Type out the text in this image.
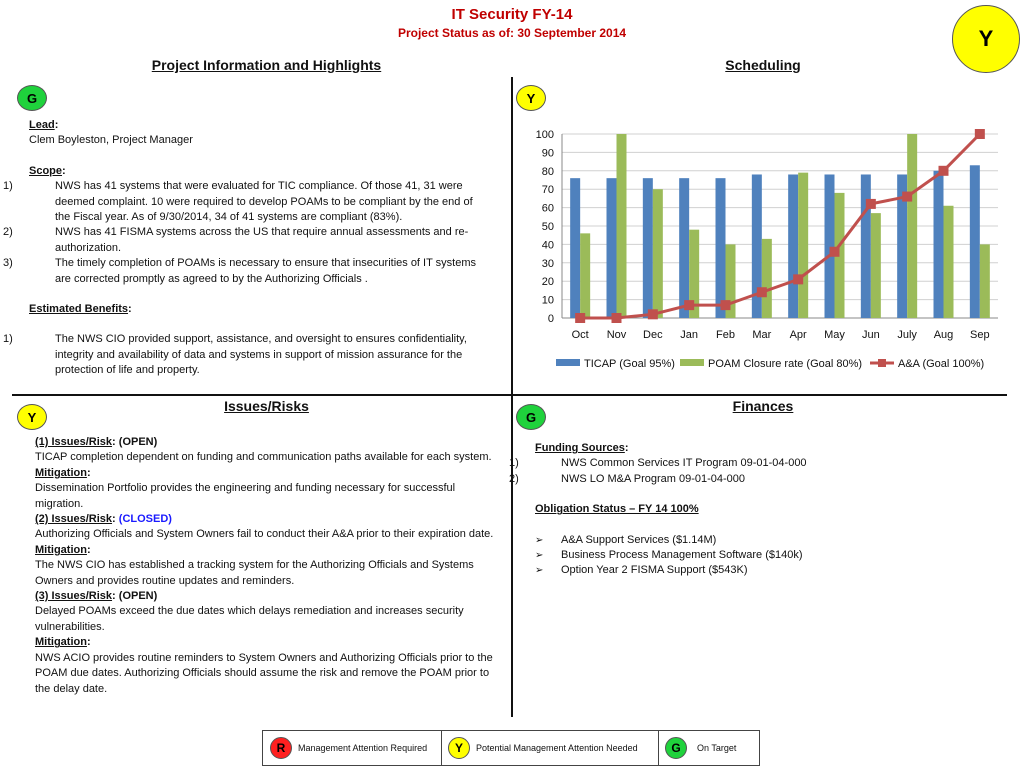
IT Security FY-14
Project Status as of: 30 September 2014	Y
Project Information and Highlights	Scheduling
G	Y
Y	G
Lead:
Clem Boyleston, Project Manager
Scope:
1)	NWS has 41 systems that were evaluated for TIC compliance. Of those 41, 31 were deemed complaint. 10 were required to develop POAMs to be compliant by the end of the Fiscal year. As of 9/30/2014, 34 of 41 systems are compliant (83%).
2)	NWS has 41 FISMA systems across the US that require annual assessments and re-authorization.
3)	The timely completion of POAMs is necessary to ensure that insecurities of IT systems are corrected promptly as agreed to by the Authorizing Officials .
Estimated Benefits:
1)	The NWS CIO provided support, assistance, and oversight to ensures confidentiality, integrity and availability of data and systems in support of mission assurance for the protection of life and property.
0
10
20
30
40
50
60
70
80
90
100
Oct Nov Dec Jan Feb Mar Apr May Jun July Aug Sep
TICAP (Goal 95%)	POAM Closure rate (Goal 80%)	A&A (Goal 100%)
Issues/Risks	Finances
(1) Issues/Risk: (OPEN)
TICAP completion dependent on funding and communication paths available for each system.
Mitigation:
Dissemination Portfolio provides the engineering and funding necessary for successful migration.
(2) Issues/Risk: (CLOSED)
Authorizing Officials and System Owners fail to conduct their A&A prior to their expiration date.
Mitigation:
The NWS CIO has established a tracking system for the Authorizing Officials and Systems Owners and provides routine updates and reminders.
(3) Issues/Risk: (OPEN)
Delayed POAMs exceed the due dates which delays remediation and increases security vulnerabilities.
Mitigation:
NWS ACIO provides routine reminders to System Owners and Authorizing Officials prior to the POAM due dates. Authorizing Officials should assume the risk and remove the POAM prior to the delay date.
Funding Sources:
1)	NWS Common Services IT Program 09-01-04-000
2)	NWS LO M&A Program 09-01-04-000
Obligation Status – FY 14 100%
➢ A&A Support Services ($1.14M)
➢ Business Process Management Software ($140k)
➢ Option Year 2 FISMA Support ($543K)
R	Management Attention Required	Y	Potential Management Attention Needed	G	On Target
